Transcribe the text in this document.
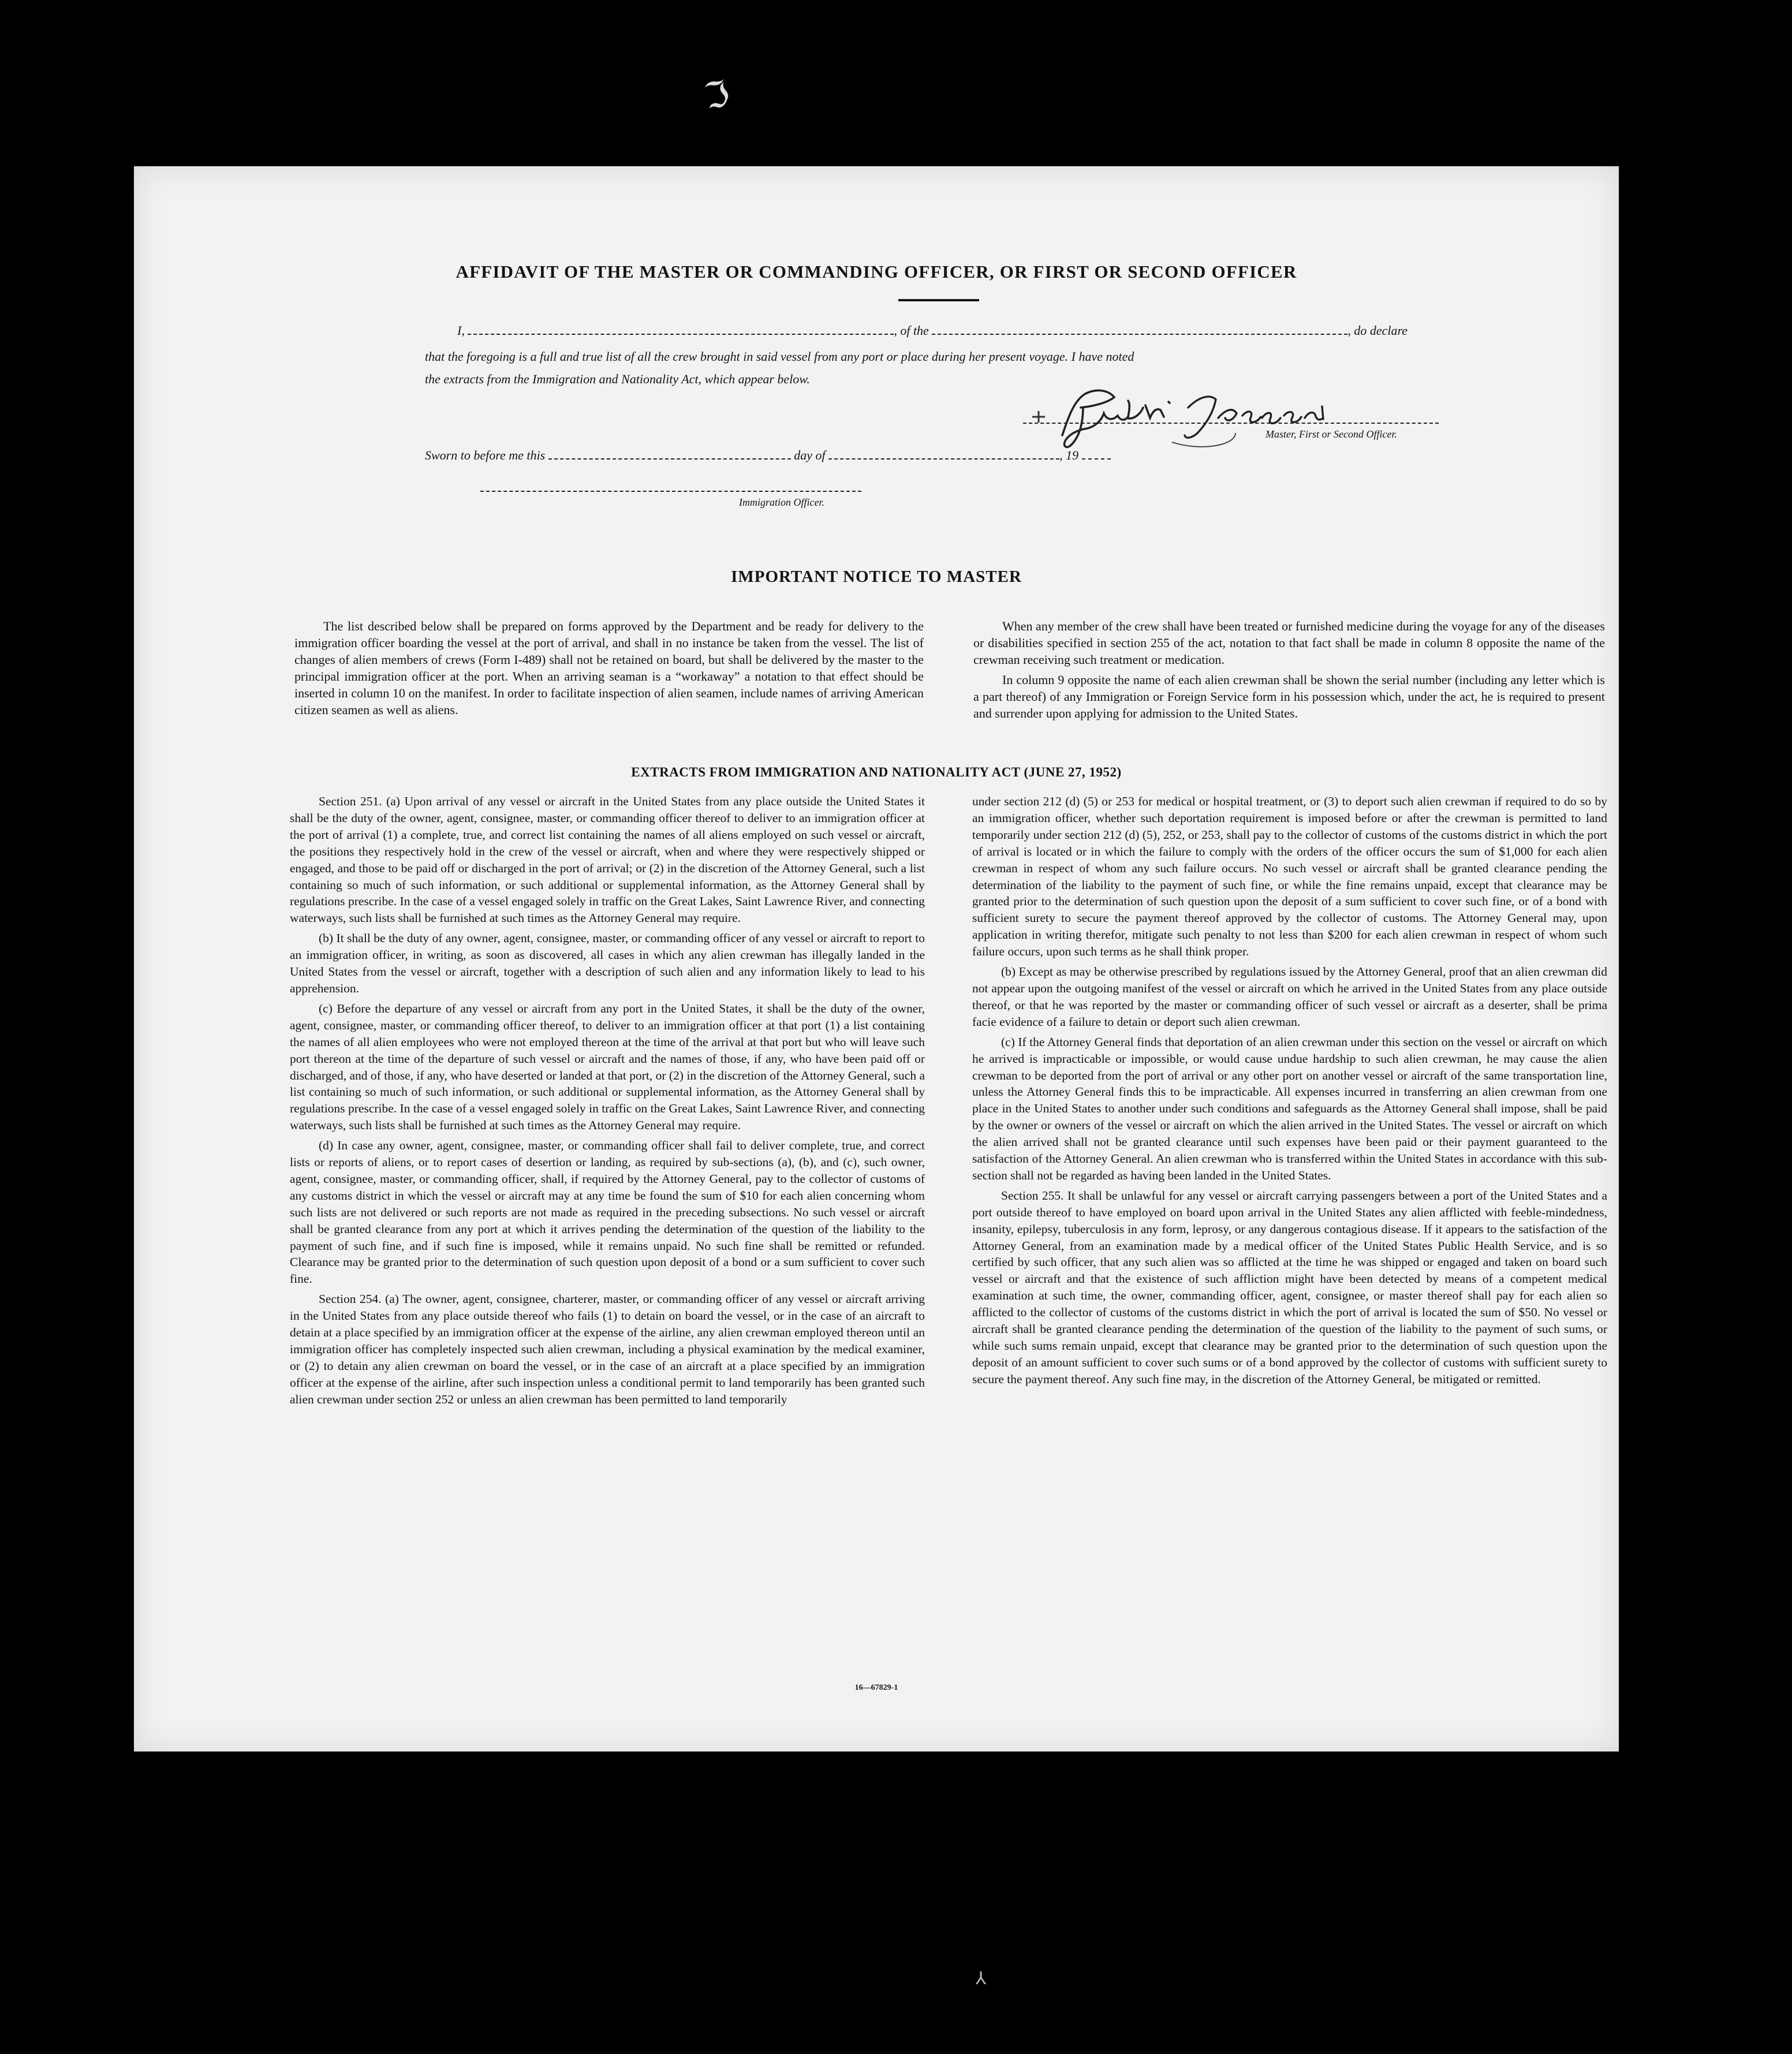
ℑ
⅄
AFFIDAVIT OF THE MASTER OR COMMANDING OFFICER, OR FIRST OR SECOND OFFICER
I,	, of the	, do declare
that the foregoing is a full and true list of all the crew brought in said vessel from any port or place during her present voyage. I have noted
the extracts from the Immigration and Nationality Act, which appear below.
Master, First or Second Officer.
Sworn to before me this	day of	, 19
Immigration Officer.
IMPORTANT NOTICE TO MASTER

The list described below shall be prepared on forms approved by the Department and be ready for delivery to the immigration officer boarding the vessel at the port of arrival, and shall in no instance be taken from the vessel. The list of changes of alien members of crews (Form I-489) shall not be retained on board, but shall be delivered by the master to the principal immigration officer at the port. When an arriving seaman is a “workaway” a notation to that effect should be inserted in column 10 on the manifest. In order to facilitate inspection of alien seamen, include names of arriving American citizen seamen as well as aliens.

When any member of the crew shall have been treated or furnished medicine during the voyage for any of the diseases or disabilities specified in section 255 of the act, notation to that fact shall be made in column 8 opposite the name of the crewman receiving such treatment or medication.

In column 9 opposite the name of each alien crewman shall be shown the serial number (including any letter which is a part thereof) of any Immigration or Foreign Service form in his possession which, under the act, he is required to present and surrender upon applying for admission to the United States.

EXTRACTS FROM IMMIGRATION AND NATIONALITY ACT (JUNE 27, 1952)

Section 251. (a) Upon arrival of any vessel or aircraft in the United States from any place outside the United States it shall be the duty of the owner, agent, consignee, master, or commanding officer thereof to deliver to an immigration officer at the port of arrival (1) a complete, true, and correct list containing the names of all aliens employed on such vessel or aircraft, the positions they respectively hold in the crew of the vessel or aircraft, when and where they were respectively shipped or engaged, and those to be paid off or discharged in the port of arrival; or (2) in the discretion of the Attorney General, such a list containing so much of such information, or such additional or supplemental information, as the Attorney General shall by regulations prescribe. In the case of a vessel engaged solely in traffic on the Great Lakes, Saint Lawrence River, and connecting waterways, such lists shall be furnished at such times as the Attorney General may require.

(b) It shall be the duty of any owner, agent, consignee, master, or commanding officer of any vessel or aircraft to report to an immigration officer, in writing, as soon as discovered, all cases in which any alien crewman has illegally landed in the United States from the vessel or aircraft, together with a description of such alien and any information likely to lead to his apprehension.

(c) Before the departure of any vessel or aircraft from any port in the United States, it shall be the duty of the owner, agent, consignee, master, or commanding officer thereof, to deliver to an immigration officer at that port (1) a list containing the names of all alien employees who were not employed thereon at the time of the arrival at that port but who will leave such port thereon at the time of the departure of such vessel or aircraft and the names of those, if any, who have been paid off or discharged, and of those, if any, who have deserted or landed at that port, or (2) in the discretion of the Attorney General, such a list containing so much of such information, or such additional or supplemental information, as the Attorney General shall by regulations prescribe. In the case of a vessel engaged solely in traffic on the Great Lakes, Saint Lawrence River, and connecting waterways, such lists shall be furnished at such times as the Attorney General may require.

(d) In case any owner, agent, consignee, master, or commanding officer shall fail to deliver complete, true, and correct lists or reports of aliens, or to report cases of desertion or landing, as required by sub-sections (a), (b), and (c), such owner, agent, consignee, master, or commanding officer, shall, if required by the Attorney General, pay to the collector of customs of any customs district in which the vessel or aircraft may at any time be found the sum of $10 for each alien concerning whom such lists are not delivered or such reports are not made as required in the preceding subsections. No such vessel or aircraft shall be granted clearance from any port at which it arrives pending the determination of the question of the liability to the payment of such fine, and if such fine is imposed, while it remains unpaid. No such fine shall be remitted or refunded. Clearance may be granted prior to the determination of such question upon deposit of a bond or a sum sufficient to cover such fine.

Section 254. (a) The owner, agent, consignee, charterer, master, or commanding officer of any vessel or aircraft arriving in the United States from any place outside thereof who fails (1) to detain on board the vessel, or in the case of an aircraft to detain at a place specified by an immigration officer at the expense of the airline, any alien crewman employed thereon until an immigration officer has completely inspected such alien crewman, including a physical examination by the medical examiner, or (2) to detain any alien crewman on board the vessel, or in the case of an aircraft at a place specified by an immigration officer at the expense of the airline, after such inspection unless a conditional permit to land temporarily has been granted such alien crewman under section 252 or unless an alien crewman has been permitted to land temporarily

under section 212 (d) (5) or 253 for medical or hospital treatment, or (3) to deport such alien crewman if required to do so by an immigration officer, whether such deportation requirement is imposed before or after the crewman is permitted to land temporarily under section 212 (d) (5), 252, or 253, shall pay to the collector of customs of the customs district in which the port of arrival is located or in which the failure to comply with the orders of the officer occurs the sum of $1,000 for each alien crewman in respect of whom any such failure occurs. No such vessel or aircraft shall be granted clearance pending the determination of the liability to the payment of such fine, or while the fine remains unpaid, except that clearance may be granted prior to the determination of such question upon the deposit of a sum sufficient to cover such fine, or of a bond with sufficient surety to secure the payment thereof approved by the collector of customs. The Attorney General may, upon application in writing therefor, mitigate such penalty to not less than $200 for each alien crewman in respect of whom such failure occurs, upon such terms as he shall think proper.

(b) Except as may be otherwise prescribed by regulations issued by the Attorney General, proof that an alien crewman did not appear upon the outgoing manifest of the vessel or aircraft on which he arrived in the United States from any place outside thereof, or that he was reported by the master or commanding officer of such vessel or aircraft as a deserter, shall be prima facie evidence of a failure to detain or deport such alien crewman.

(c) If the Attorney General finds that deportation of an alien crewman under this section on the vessel or aircraft on which he arrived is impracticable or impossible, or would cause undue hardship to such alien crewman, he may cause the alien crewman to be deported from the port of arrival or any other port on another vessel or aircraft of the same transportation line, unless the Attorney General finds this to be impracticable. All expenses incurred in transferring an alien crewman from one place in the United States to another under such conditions and safeguards as the Attorney General shall impose, shall be paid by the owner or owners of the vessel or aircraft on which the alien arrived in the United States. The vessel or aircraft on which the alien arrived shall not be granted clearance until such expenses have been paid or their payment guaranteed to the satisfaction of the Attorney General. An alien crewman who is transferred within the United States in accordance with this sub-section shall not be regarded as having been landed in the United States.

Section 255. It shall be unlawful for any vessel or aircraft carrying passengers between a port of the United States and a port outside thereof to have employed on board upon arrival in the United States any alien afflicted with feeble-mindedness, insanity, epilepsy, tuberculosis in any form, leprosy, or any dangerous contagious disease. If it appears to the satisfaction of the Attorney General, from an examination made by a medical officer of the United States Public Health Service, and is so certified by such officer, that any such alien was so afflicted at the time he was shipped or engaged and taken on board such vessel or aircraft and that the existence of such affliction might have been detected by means of a competent medical examination at such time, the owner, commanding officer, agent, consignee, or master thereof shall pay for each alien so afflicted to the collector of customs of the customs district in which the port of arrival is located the sum of $50. No vessel or aircraft shall be granted clearance pending the determination of the question of the liability to the payment of such sums, or while such sums remain unpaid, except that clearance may be granted prior to the determination of such question upon the deposit of an amount sufficient to cover such sums or of a bond approved by the collector of customs with sufficient surety to secure the payment thereof. Any such fine may, in the discretion of the Attorney General, be mitigated or remitted.

16—67829-1
